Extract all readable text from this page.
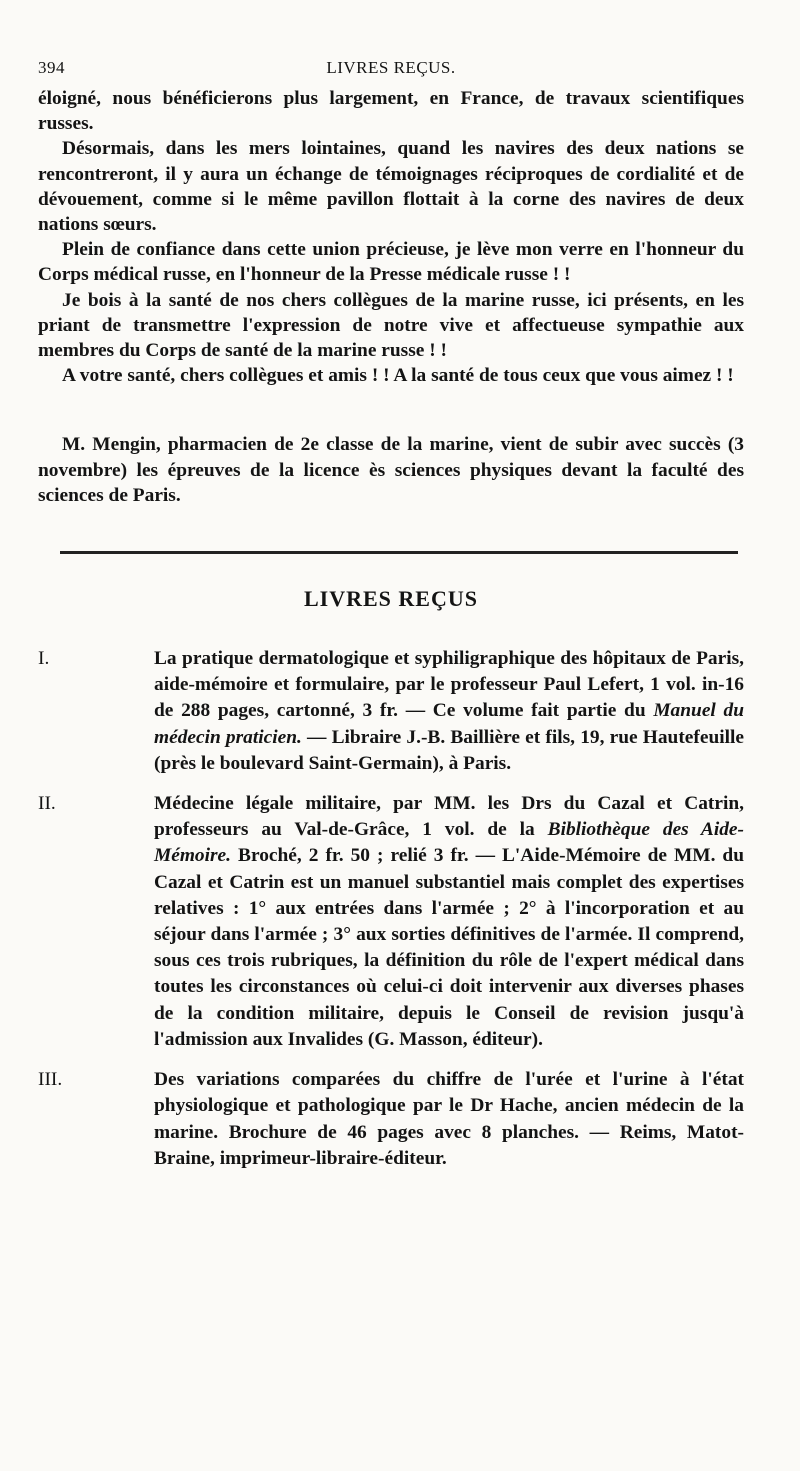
394	LIVRES REÇUS.

éloigné, nous bénéficierons plus largement, en France, de travaux scientifiques russes.

Désormais, dans les mers lointaines, quand les navires des deux nations se rencontreront, il y aura un échange de témoignages réciproques de cordialité et de dévouement, comme si le même pavillon flottait à la corne des navires de deux nations sœurs.

Plein de confiance dans cette union précieuse, je lève mon verre en l'honneur du Corps médical russe, en l'honneur de la Presse médicale russe ! !

Je bois à la santé de nos chers collègues de la marine russe, ici présents, en les priant de transmettre l'expression de notre vive et affectueuse sympathie aux membres du Corps de santé de la marine russe ! !

A votre santé, chers collègues et amis ! ! A la santé de tous ceux que vous aimez ! !

M. Mengin, pharmacien de 2e classe de la marine, vient de subir avec succès (3 novembre) les épreuves de la licence ès sciences physiques devant la faculté des sciences de Paris.

LIVRES REÇUS
I.	La pratique dermatologique et syphiligraphique des hôpitaux de Paris, aide-mémoire et formulaire, par le professeur Paul Lefert, 1 vol. in-16 de 288 pages, cartonné, 3 fr. — Ce volume fait partie du Manuel du médecin praticien. — Libraire J.-B. Baillière et fils, 19, rue Hautefeuille (près le boulevard Saint-Germain), à Paris.
II.	Médecine légale militaire, par MM. les Drs du Cazal et Catrin, professeurs au Val-de-Grâce, 1 vol. de la Bibliothèque des Aide-Mémoire. Broché, 2 fr. 50 ; relié 3 fr. — L'Aide-Mémoire de MM. du Cazal et Catrin est un manuel substantiel mais complet des expertises relatives : 1° aux entrées dans l'armée ; 2° à l'incorporation et au séjour dans l'armée ; 3° aux sorties définitives de l'armée. Il comprend, sous ces trois rubriques, la définition du rôle de l'expert médical dans toutes les circonstances où celui-ci doit intervenir aux diverses phases de la condition militaire, depuis le Conseil de revision jusqu'à l'admission aux Invalides (G. Masson, éditeur).
III.	Des variations comparées du chiffre de l'urée et l'urine à l'état physiologique et pathologique par le Dr Hache, ancien médecin de la marine. Brochure de 46 pages avec 8 planches. — Reims, Matot-Braine, imprimeur-libraire-éditeur.
